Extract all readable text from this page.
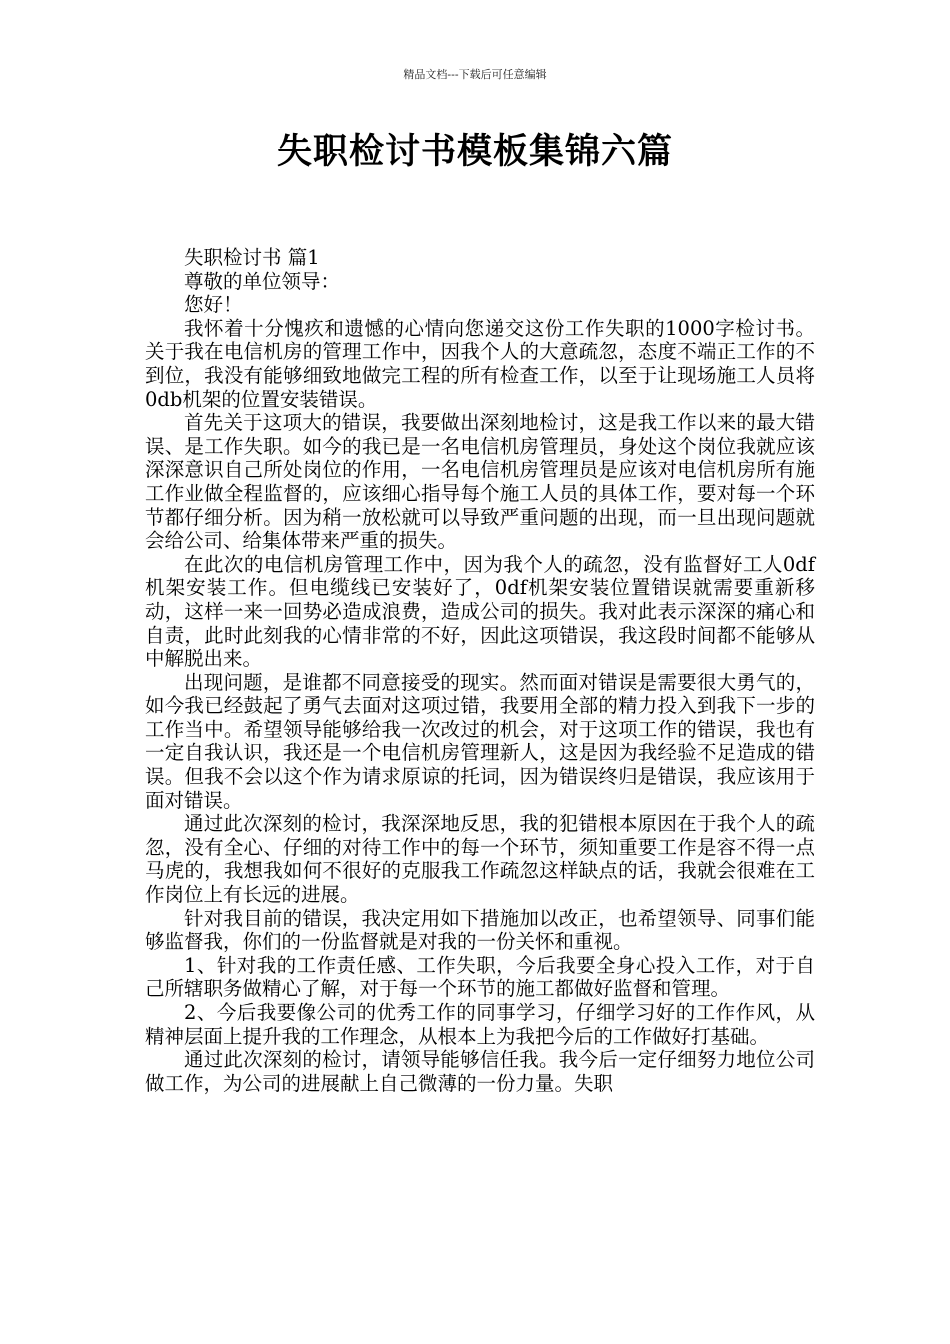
精品文档---下载后可任意编辑
失职检讨书模板集锦六篇

失职检讨书 篇1

尊敬的单位领导：

您好！

我怀着十分愧疚和遗憾的心情向您递交这份工作失职的1000字检讨书。关于我在电信机房的管理工作中，因我个人的大意疏忽，态度不端正工作的不到位，我没有能够细致地做完工程的所有检查工作，以至于让现场施工人员将0db机架的位置安装错误。

首先关于这项大的错误，我要做出深刻地检讨，这是我工作以来的最大错误、是工作失职。如今的我已是一名电信机房管理员，身处这个岗位我就应该深深意识自己所处岗位的作用，一名电信机房管理员是应该对电信机房所有施工作业做全程监督的，应该细心指导每个施工人员的具体工作，要对每一个环节都仔细分析。因为稍一放松就可以导致严重问题的出现，而一旦出现问题就会给公司、给集体带来严重的损失。

在此次的电信机房管理工作中，因为我个人的疏忽，没有监督好工人0df机架安装工作。但电缆线已安装好了，0df机架安装位置错误就需要重新移动，这样一来一回势必造成浪费，造成公司的损失。我对此表示深深的痛心和自责，此时此刻我的心情非常的不好，因此这项错误，我这段时间都不能够从中解脱出来。

出现问题，是谁都不同意接受的现实。然而面对错误是需要很大勇气的，如今我已经鼓起了勇气去面对这项过错，我要用全部的精力投入到我下一步的工作当中。希望领导能够给我一次改过的机会，对于这项工作的错误，我也有一定自我认识，我还是一个电信机房管理新人，这是因为我经验不足造成的错误。但我不会以这个作为请求原谅的托词，因为错误终归是错误，我应该用于面对错误。

通过此次深刻的检讨，我深深地反思，我的犯错根本原因在于我个人的疏忽，没有全心、仔细的对待工作中的每一个环节，须知重要工作是容不得一点马虎的，我想我如何不很好的克服我工作疏忽这样缺点的话，我就会很难在工作岗位上有长远的进展。

针对我目前的错误，我决定用如下措施加以改正，也希望领导、同事们能够监督我，你们的一份监督就是对我的一份关怀和重视。

1、针对我的工作责任感、工作失职，今后我要全身心投入工作，对于自己所辖职务做精心了解，对于每一个环节的施工都做好监督和管理。

2、今后我要像公司的优秀工作的同事学习，仔细学习好的工作作风，从精神层面上提升我的工作理念，从根本上为我把今后的工作做好打基础。

通过此次深刻的检讨，请领导能够信任我。我今后一定仔细努力地位公司做工作，为公司的进展献上自己微薄的一份力量。失职
